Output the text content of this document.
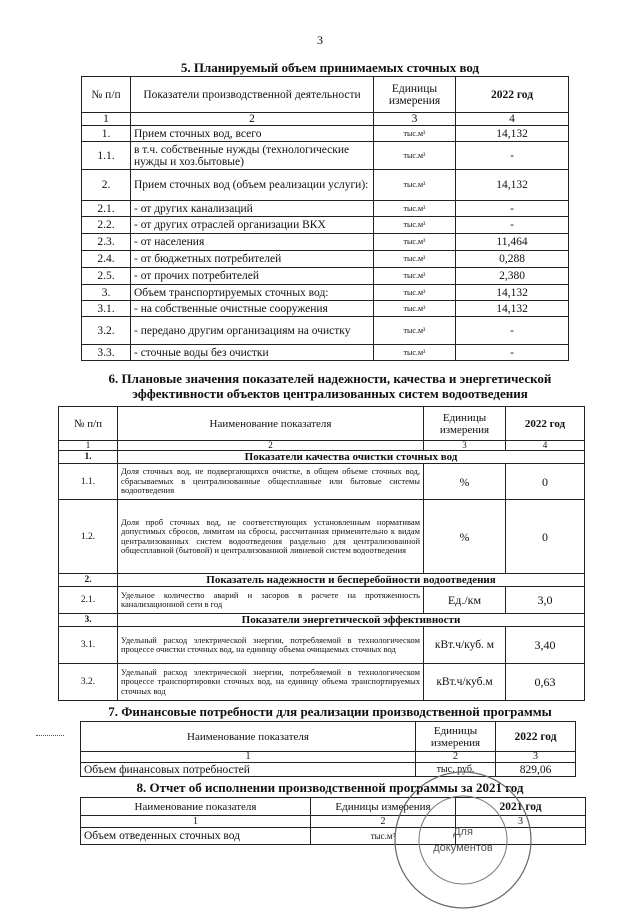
3
5. Планируемый объем принимаемых сточных вод
№ п/п	Показатели производственной деятельности	Единицы измерения	2022 год
1	2	3	4
1.	Прием сточных вод, всего	тыс.м³	14,132
1.1.	в т.ч. собственные нужды (технологические нужды и хоз.бытовые)	тыс.м³	-
2.	Прием сточных вод (объем реализации услуги):	тыс.м³	14,132
2.1.	- от других канализаций	тыс.м³	-
2.2.	- от других отраслей организации ВКХ	тыс.м³	-
2.3.	- от населения	тыс.м³	11,464
2.4.	- от бюджетных потребителей	тыс.м³	0,288
2.5.	- от прочих потребителей	тыс.м³	2,380
3.	Объем транспортируемых сточных вод:	тыс.м³	14,132
3.1.	- на собственные очистные сооружения	тыс.м³	14,132
3.2.	- передано другим организациям на очистку	тыс.м³	-
3.3.	- сточные воды без очистки	тыс.м³	-
6. Плановые значения показателей надежности, качества и энергетической
эффективности объектов централизованных систем водоотведения
№ п/п	Наименование показателя	Единицы измерения	2022 год
1	2	3	4
1.	Показатели качества очистки сточных вод		
1.1.	Доля сточных вод, не подвергающихся очистке, в общем объеме сточных вод, сбрасываемых в централизованные общесплавные или бытовые системы водоотведения	%	0
1.2.	Доля проб сточных вод, не соответствующих установленным нормативам допустимых сбросов, лимитам на сбросы, рассчитанная применительно к видам централизованных систем водоотведения раздельно для централизованной общесплавной (бытовой) и централизованной ливневой систем водоотведения	%	0
2.	Показатель надежности и бесперебойности водоотведения		
2.1.	Удельное количество аварий и засоров в расчете на протяженность канализационной сети в год	Ед./км	3,0
3.	Показатели энергетической эффективности		
3.1.	Удельный расход электрической энергии, потребляемой в технологическом процессе очистки сточных вод, на единицу объема очищаемых сточных вод	кВт.ч/куб. м	3,40
3.2.	Удельный расход электрической энергии, потребляемой в технологическом процессе транспортировки сточных вод, на единицу объема транспортируемых сточных вод	кВт.ч/куб.м	0,63
7. Финансовые потребности для реализации производственной программы
Наименование показателя	Единицы измерения	2022 год
1	2	3
Объем финансовых потребностей	тыс. руб.	829,06
8. Отчет об исполнении производственной программы за 2021 год
Наименование показателя	Единицы измерения	2021 год
1	2	3
Объем отведенных сточных вод	тыс.м³		Для
документов
